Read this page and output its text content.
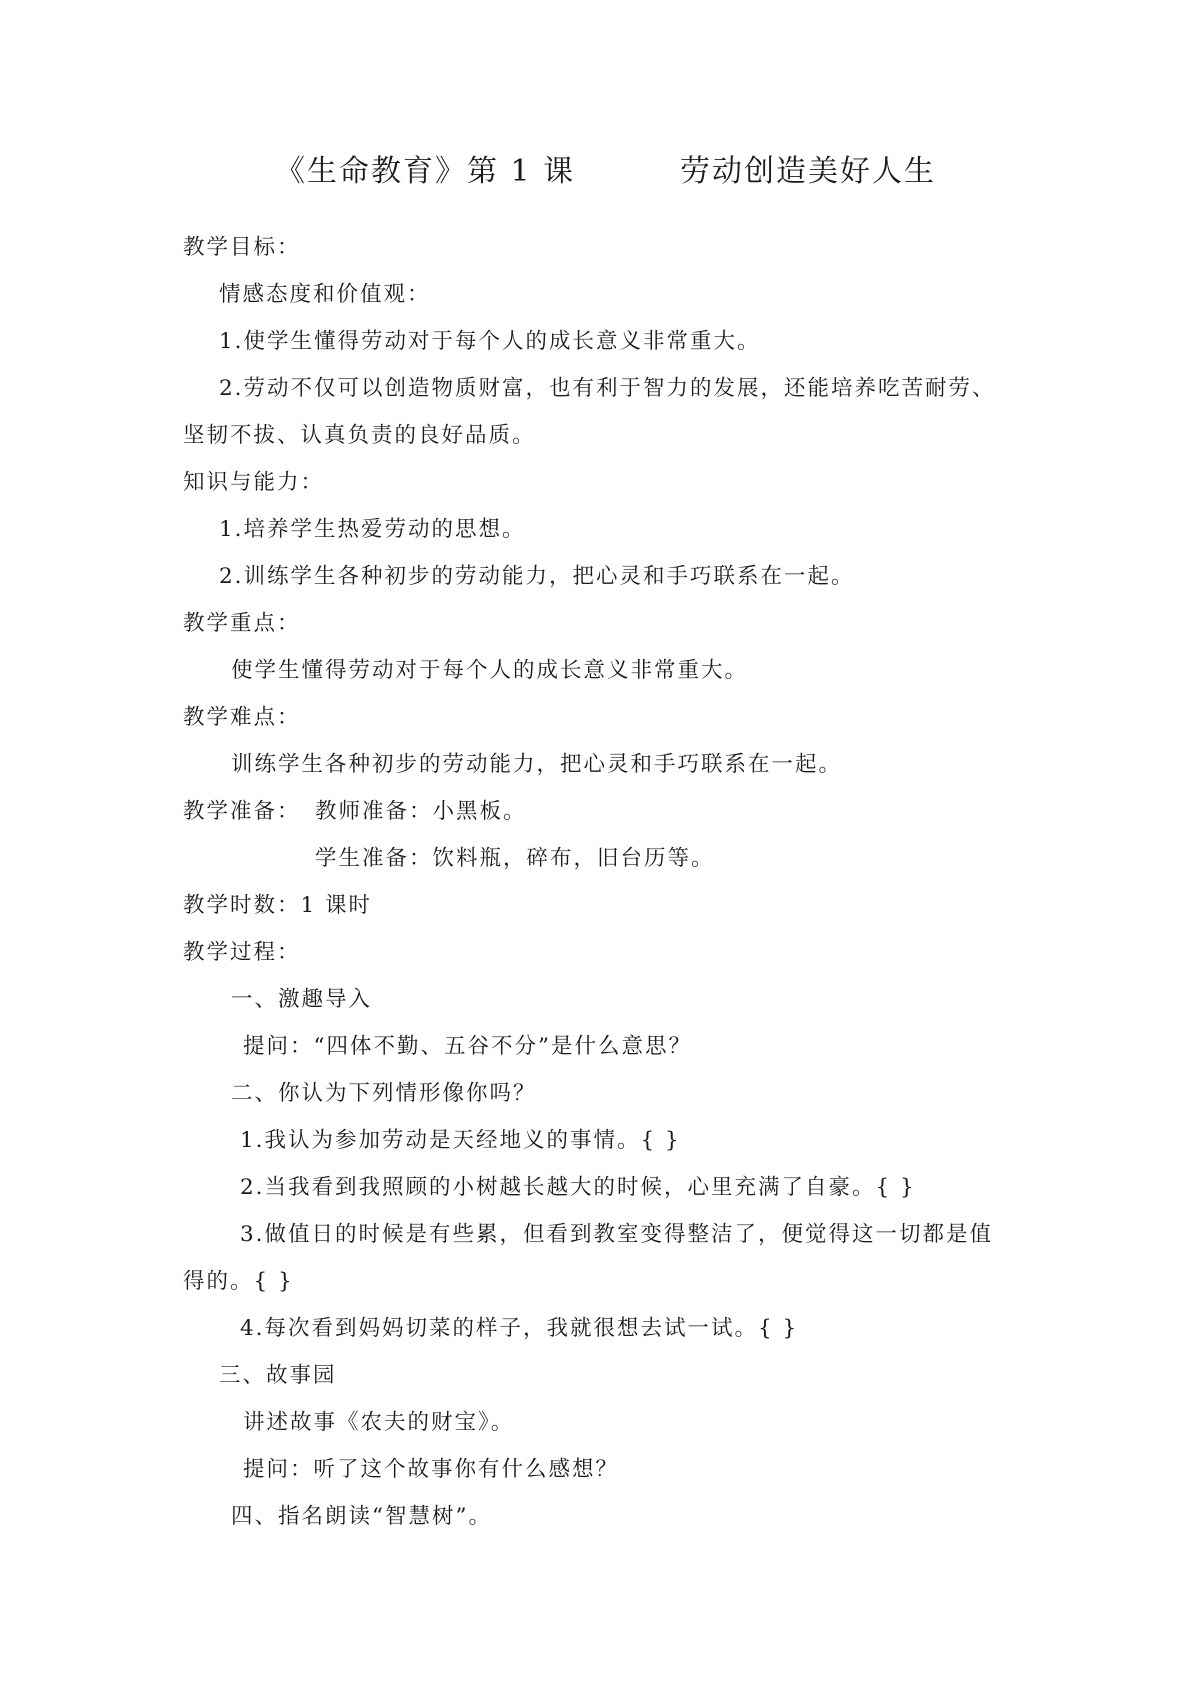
《生命教育》第 1 课	劳动创造美好人生
教学目标：
情感态度和价值观：
1.使学生懂得劳动对于每个人的成长意义非常重大。
2.劳动不仅可以创造物质财富，也有利于智力的发展，还能培养吃苦耐劳、
坚韧不拔、认真负责的良好品质。
知识与能力：
1.培养学生热爱劳动的思想。
2.训练学生各种初步的劳动能力，把心灵和手巧联系在一起。
教学重点：
使学生懂得劳动对于每个人的成长意义非常重大。
教学难点：
训练学生各种初步的劳动能力，把心灵和手巧联系在一起。
教学准备： 教师准备：小黑板。
学生准备：饮料瓶，碎布，旧台历等。
教学时数：1 课时
教学过程：
一、激趣导入
提问：“四体不勤、五谷不分”是什么意思？
二、你认为下列情形像你吗？
1.我认为参加劳动是天经地义的事情。{ }
2.当我看到我照顾的小树越长越大的时候，心里充满了自豪。{ }
3.做值日的时候是有些累，但看到教室变得整洁了，便觉得这一切都是值
得的。{ }
4.每次看到妈妈切菜的样子，我就很想去试一试。{ }
三、故事园
讲述故事《农夫的财宝》。
提问：听了这个故事你有什么感想？
四、指名朗读“智慧树”。
